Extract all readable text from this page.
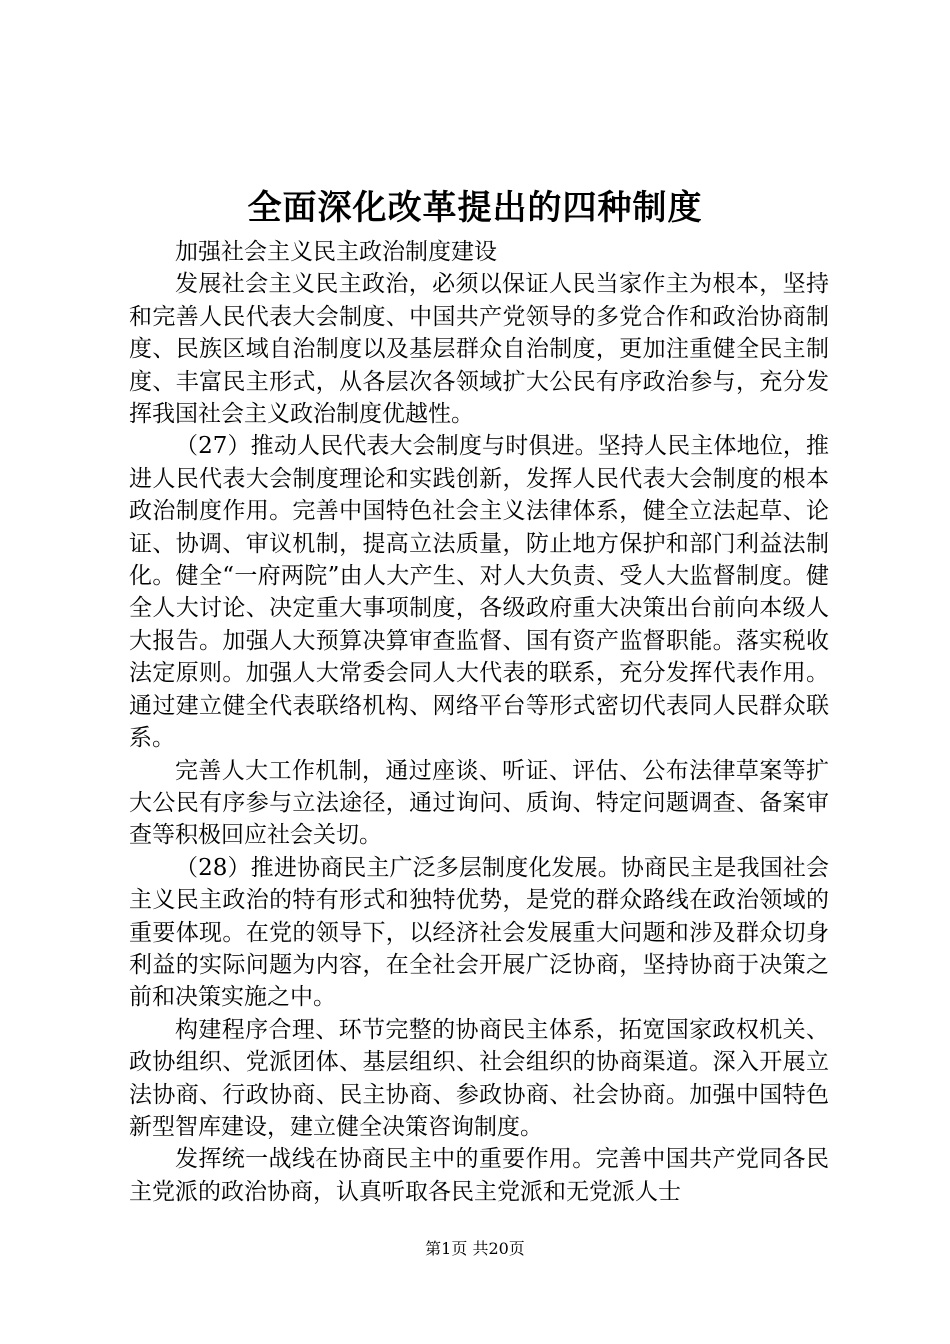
全面深化改革提出的四种制度

加强社会主义民主政治制度建设

发展社会主义民主政治，必须以保证人民当家作主为根本，坚持和完善人民代表大会制度、中国共产党领导的多党合作和政治协商制度、民族区域自治制度以及基层群众自治制度，更加注重健全民主制度、丰富民主形式，从各层次各领域扩大公民有序政治参与，充分发挥我国社会主义政治制度优越性。

（27）推动人民代表大会制度与时俱进。坚持人民主体地位，推进人民代表大会制度理论和实践创新，发挥人民代表大会制度的根本政治制度作用。完善中国特色社会主义法律体系，健全立法起草、论证、协调、审议机制，提高立法质量，防止地方保护和部门利益法制化。健全“一府两院”由人大产生、对人大负责、受人大监督制度。健全人大讨论、决定重大事项制度，各级政府重大决策出台前向本级人大报告。加强人大预算决算审查监督、国有资产监督职能。落实税收法定原则。加强人大常委会同人大代表的联系，充分发挥代表作用。通过建立健全代表联络机构、网络平台等形式密切代表同人民群众联系。

完善人大工作机制，通过座谈、听证、评估、公布法律草案等扩大公民有序参与立法途径，通过询问、质询、特定问题调查、备案审查等积极回应社会关切。

（28）推进协商民主广泛多层制度化发展。协商民主是我国社会主义民主政治的特有形式和独特优势，是党的群众路线在政治领域的重要体现。在党的领导下，以经济社会发展重大问题和涉及群众切身利益的实际问题为内容，在全社会开展广泛协商，坚持协商于决策之前和决策实施之中。

构建程序合理、环节完整的协商民主体系，拓宽国家政权机关、政协组织、党派团体、基层组织、社会组织的协商渠道。深入开展立法协商、行政协商、民主协商、参政协商、社会协商。加强中国特色新型智库建设，建立健全决策咨询制度。

发挥统一战线在协商民主中的重要作用。完善中国共产党同各民主党派的政治协商，认真听取各民主党派和无党派人士

第1页 共20页
